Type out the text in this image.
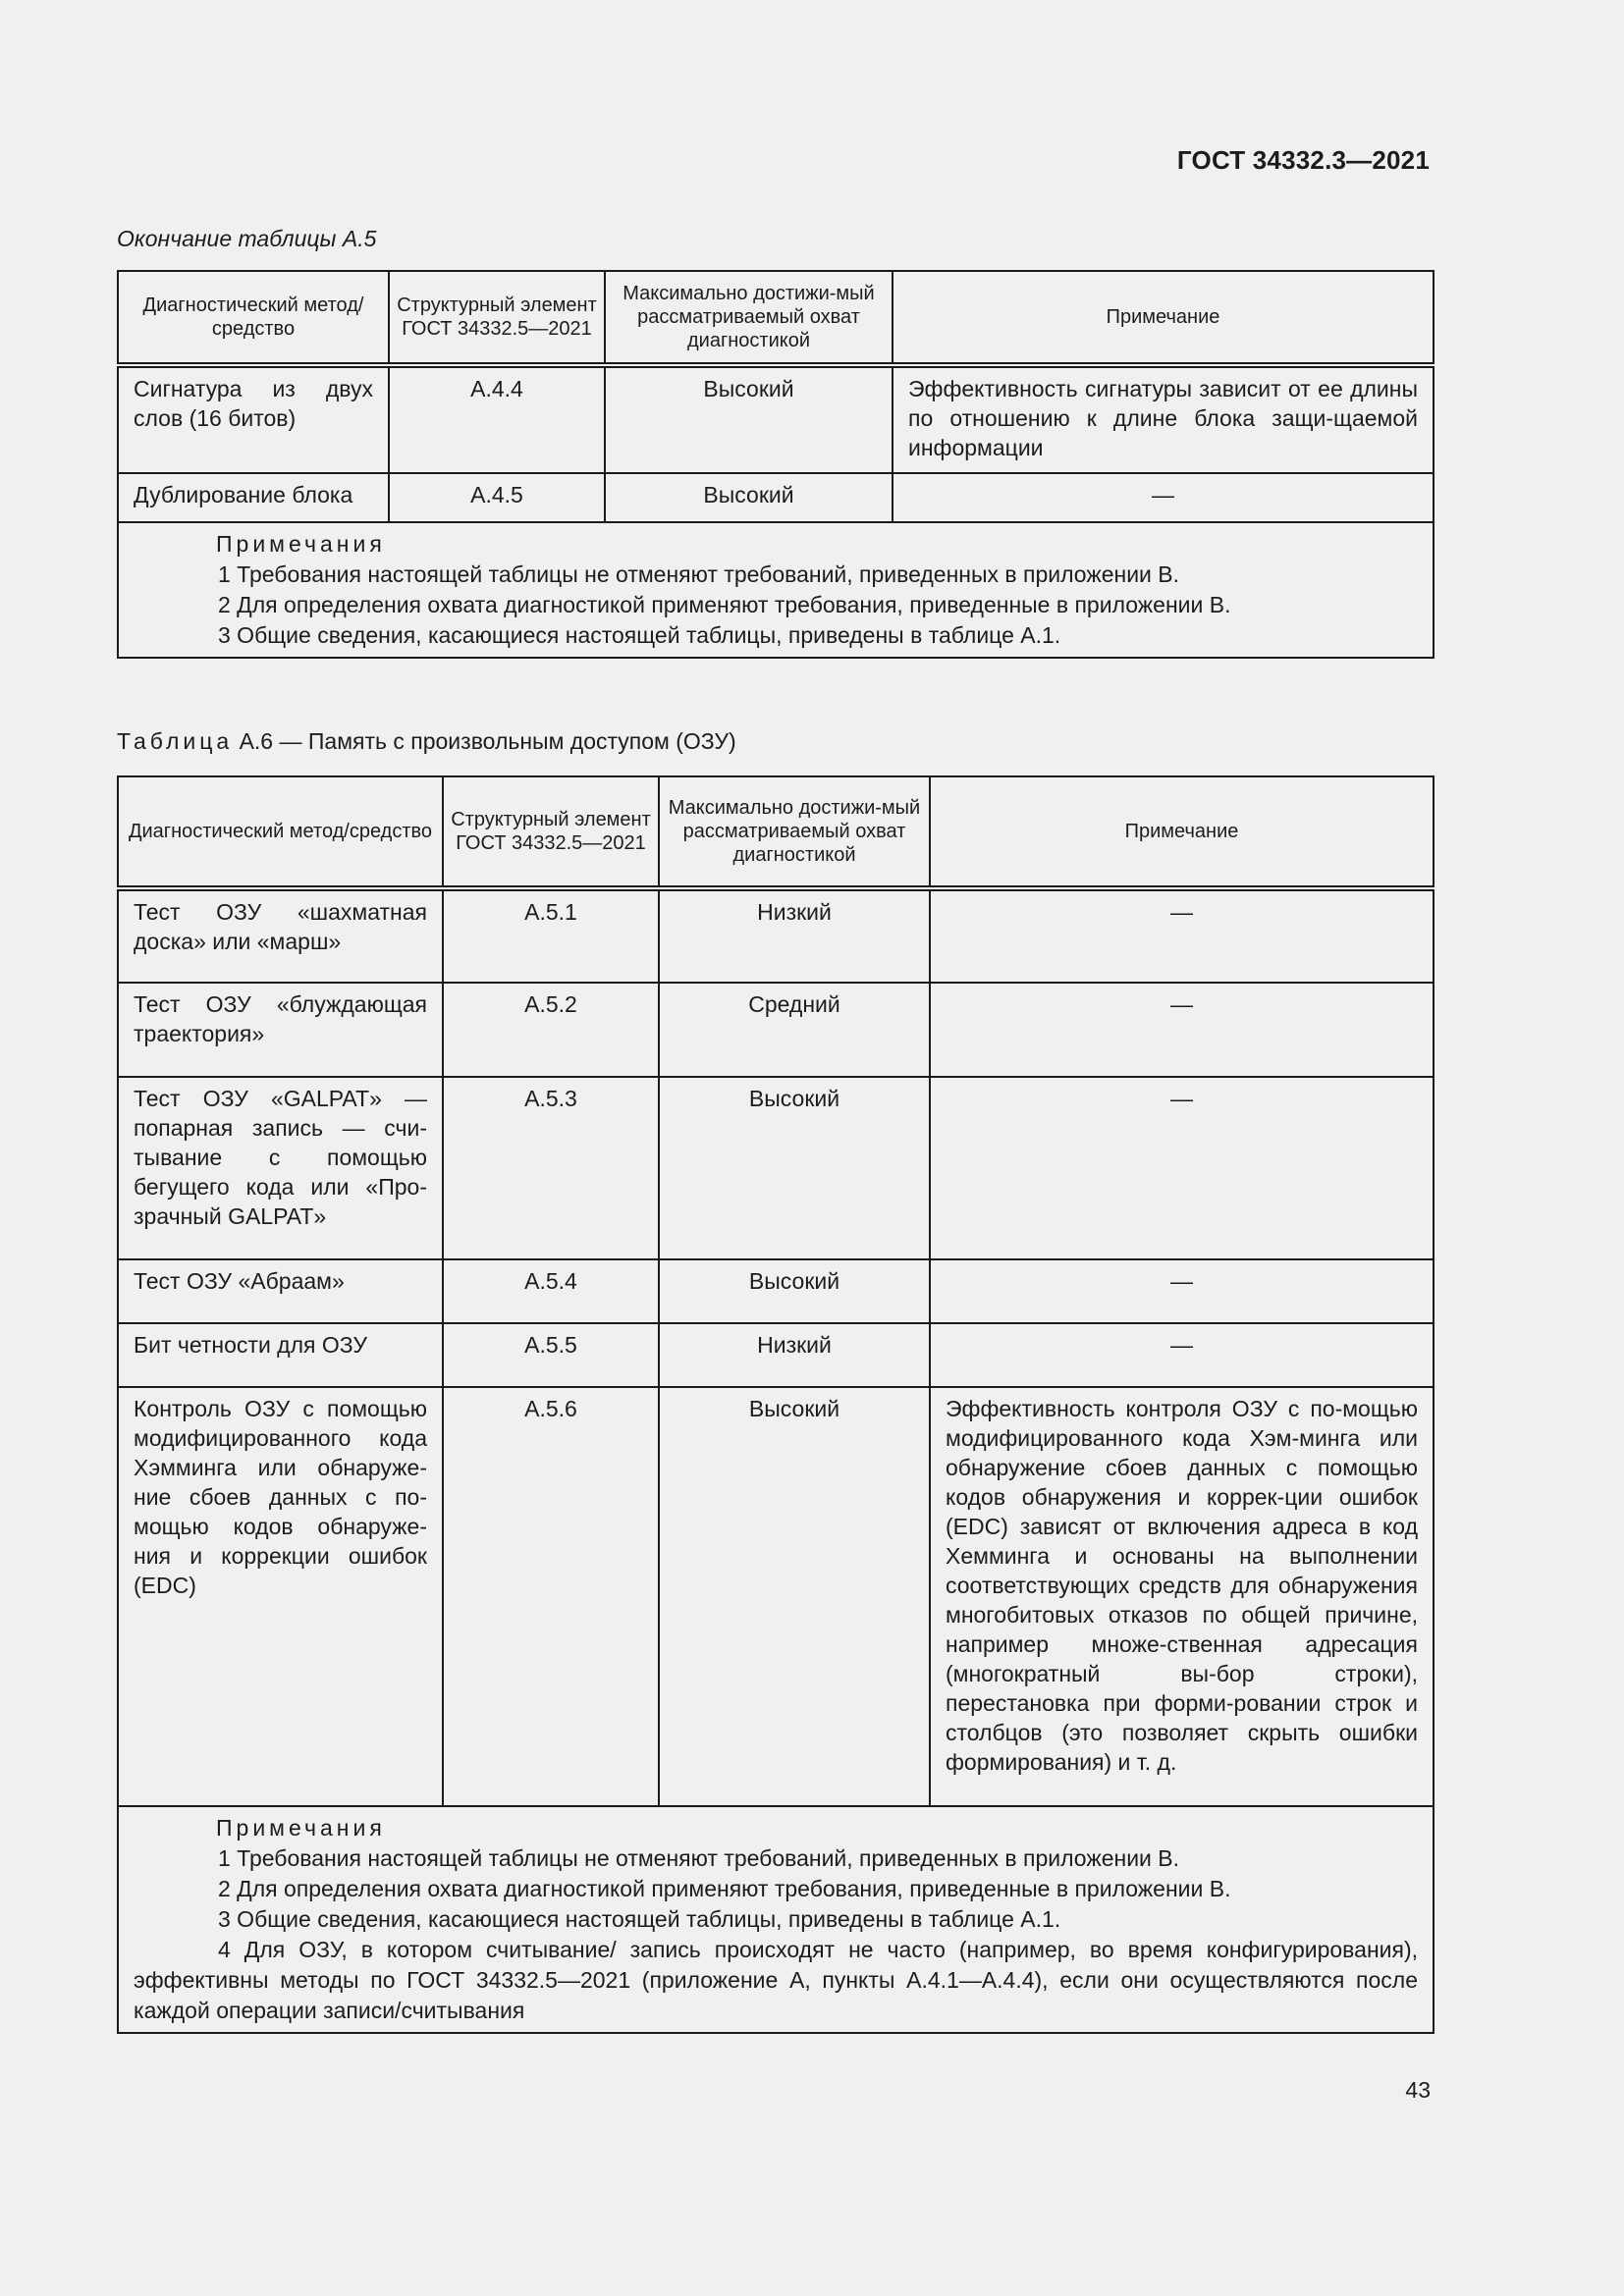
ГОСТ 34332.3—2021
Окончание таблицы А.5
Диагностический метод/средство	Структурный элемент ГОСТ 34332.5—2021	Максимально достижи-мый рассматриваемый охват диагностикой	Примечание
Сигнатура из двух слов (16 битов)	А.4.4	Высокий	Эффективность сигнатуры зависит от ее длины по отношению к длине блока защи-щаемой информации
Дублирование блока	А.4.5	Высокий	—

Примечания
1 Требования настоящей таблицы не отменяют требований, приведенных в приложении В.
2 Для определения охвата диагностикой применяют требования, приведенные в приложении В.
3 Общие сведения, касающиеся настоящей таблицы, приведены в таблице А.1.			
Таблица А.6 — Память с произвольным доступом (ОЗУ)
Диагностический метод/средство	Структурный элемент ГОСТ 34332.5—2021	Максимально достижи-мый рассматриваемый охват диагностикой	Примечание
Тест ОЗУ «шахматная доска» или «марш»	А.5.1	Низкий	—
Тест ОЗУ «блуждающая траектория»	А.5.2	Средний	—
Тест ОЗУ «GALPAT» — попарная запись — счи-тывание с помощью бегущего кода или «Про-зрачный GALPAT»	А.5.3	Высокий	—
Тест ОЗУ «Абраам»	А.5.4	Высокий	—
Бит четности для ОЗУ	А.5.5	Низкий	—
Контроль ОЗУ с помощью модифицированного кода Хэмминга или обнаруже-ние сбоев данных с по-мощью кодов обнаруже-ния и коррекции ошибок (EDC)	А.5.6	Высокий	Эффективность контроля ОЗУ с по-мощью модифицированного кода Хэм-минга или обнаружение сбоев данных с помощью кодов обнаружения и коррек-ции ошибок (EDC) зависят от включения адреса в код Хемминга и основаны на выполнении соответствующих средств для обнаружения многобитовых отказов по общей причине, например множе-ственная адресация (многократный вы-бор строки), перестановка при форми-ровании строк и столбцов (это позволяет скрыть ошибки формирования) и т. д.

Примечания
1 Требования настоящей таблицы не отменяют требований, приведенных в приложении В.
2 Для определения охвата диагностикой применяют требования, приведенные в приложении В.
3 Общие сведения, касающиеся настоящей таблицы, приведены в таблице А.1.
4 Для ОЗУ, в котором считывание/ запись происходят не часто (например, во время конфигурирования), эффективны методы по ГОСТ 34332.5—2021 (приложение А, пункты А.4.1—А.4.4), если они осуществляются после каждой операции записи/считывания			
43
